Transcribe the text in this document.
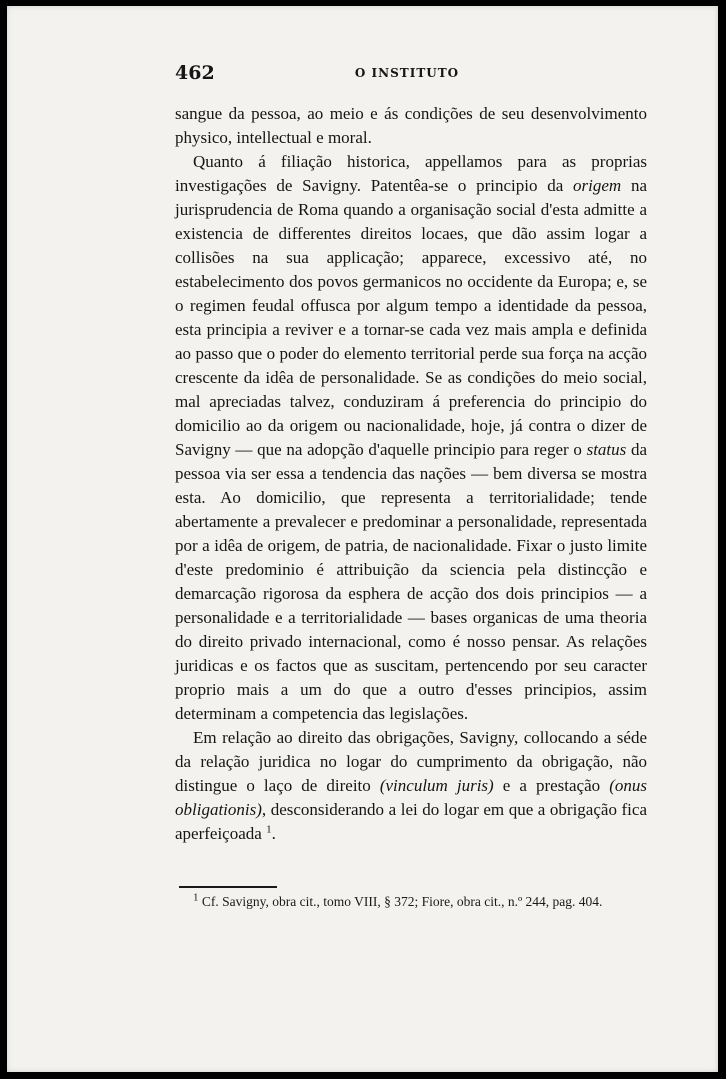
462	O INSTITUTO

sangue da pessoa, ao meio e ás condições de seu desenvolvimento physico, intellectual e moral.

Quanto á filiação historica, appellamos para as proprias investigações de Savigny. Patentêa-se o principio da origem na jurisprudencia de Roma quando a organisação social d'esta admitte a existencia de differentes direitos locaes, que dão assim logar a collisões na sua applicação; apparece, excessivo até, no estabelecimento dos povos germanicos no occidente da Europa; e, se o regimen feudal offusca por algum tempo a identidade da pessoa, esta principia a reviver e a tornar-se cada vez mais ampla e definida ao passo que o poder do elemento territorial perde sua força na acção crescente da idêa de personalidade. Se as condições do meio social, mal apreciadas talvez, conduziram á preferencia do principio do domicilio ao da origem ou nacionalidade, hoje, já contra o dizer de Savigny — que na adopção d'aquelle principio para reger o status da pessoa via ser essa a tendencia das nações — bem diversa se mostra esta. Ao domicilio, que representa a territorialidade; tende abertamente a prevalecer e predominar a personalidade, representada por a idêa de origem, de patria, de nacionalidade. Fixar o justo limite d'este predominio é attribuição da sciencia pela distincção e demarcação rigorosa da esphera de acção dos dois principios — a personalidade e a territorialidade — bases organicas de uma theoria do direito privado internacional, como é nosso pensar. As relações juridicas e os factos que as suscitam, pertencendo por seu caracter proprio mais a um do que a outro d'esses principios, assim determinam a competencia das legislações.

Em relação ao direito das obrigações, Savigny, collocando a séde da relação juridica no logar do cumprimento da obrigação, não distingue o laço de direito (vinculum juris) e a prestação (onus obligationis), desconsiderando a lei do logar em que a obrigação fica aperfeiçoada $^1$.

$^1$ Cf. Savigny, obra cit., tomo VIII, § 372; Fiore, obra cit., n.º 244, pag. 404.
